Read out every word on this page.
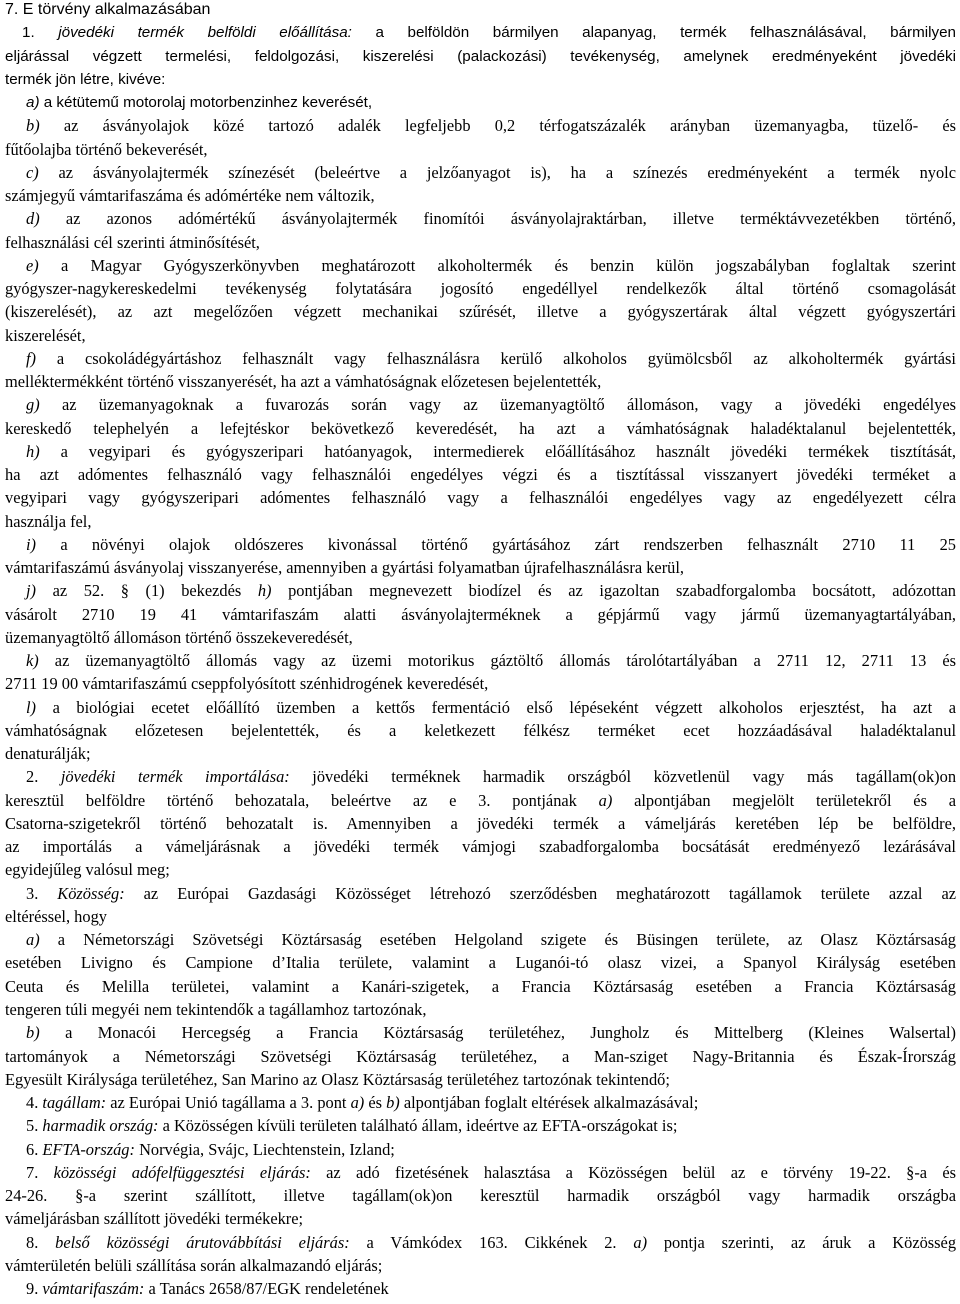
7. E törvény alkalmazásában
1. jövedéki termék belföldi előállítása: a belföldön bármilyen alapanyag, termék felhasználásával, bármilyen
eljárással végzett termelési, feldolgozási, kiszerelési (palackozási) tevékenység, amelynek eredményeként jövedéki
termék jön létre, kivéve:
a) a kétütemű motorolaj motorbenzinhez keverését,
b) az ásványolajok közé tartozó adalék legfeljebb 0,2 térfogatszázalék arányban üzemanyagba, tüzelő- és
fűtőolajba történő bekeverését,
c) az ásványolajtermék színezését (beleértve a jelzőanyagot is), ha a színezés eredményeként a termék nyolc
számjegyű vámtarifaszáma és adómértéke nem változik,
d) az azonos adómértékű ásványolajtermék finomítói ásványolajraktárban, illetve terméktávvezetékben történő,
felhasználási cél szerinti átminősítését,
e) a Magyar Gyógyszerkönyvben meghatározott alkoholtermék és benzin külön jogszabályban foglaltak szerint
gyógyszer-nagykereskedelmi tevékenység folytatására jogosító engedéllyel rendelkezők által történő csomagolását
(kiszerelését), az azt megelőzően végzett mechanikai szűrését, illetve a gyógyszertárak által végzett gyógyszertári
kiszerelését,
f) a csokoládégyártáshoz felhasznált vagy felhasználásra kerülő alkoholos gyümölcsből az alkoholtermék gyártási
melléktermékként történő visszanyerését, ha azt a vámhatóságnak előzetesen bejelentették,
g) az üzemanyagoknak a fuvarozás során vagy az üzemanyagtöltő állomáson, vagy a jövedéki engedélyes
kereskedő telephelyén a lefejtéskor bekövetkező keveredését, ha azt a vámhatóságnak haladéktalanul bejelentették,
h) a vegyipari és gyógyszeripari hatóanyagok, intermedierek előállításához használt jövedéki termékek tisztítását,
ha azt adómentes felhasználó vagy felhasználói engedélyes végzi és a tisztítással visszanyert jövedéki terméket a
vegyipari vagy gyógyszeripari adómentes felhasználó vagy a felhasználói engedélyes vagy az engedélyezett célra
használja fel,
i) a növényi olajok oldószeres kivonással történő gyártásához zárt rendszerben felhasznált 2710 11 25
vámtarifaszámú ásványolaj visszanyerése, amennyiben a gyártási folyamatban újrafelhasználásra kerül,
j) az 52. § (1) bekezdés h) pontjában megnevezett biodízel és az igazoltan szabadforgalomba bocsátott, adózottan
vásárolt 2710 19 41 vámtarifaszám alatti ásványolajterméknek a gépjármű vagy jármű üzemanyagtartályában,
üzemanyagtöltő állomáson történő összekeveredését,
k) az üzemanyagtöltő állomás vagy az üzemi motorikus gáztöltő állomás tárolótartályában a 2711 12, 2711 13 és
2711 19 00 vámtarifaszámú cseppfolyósított szénhidrogének keveredését,
l) a biológiai ecetet előállító üzemben a kettős fermentáció első lépéseként végzett alkoholos erjesztést, ha azt a
vámhatóságnak előzetesen bejelentették, és a keletkezett félkész terméket ecet hozzáadásával haladéktalanul
denaturálják;
2. jövedéki termék importálása: jövedéki terméknek harmadik országból közvetlenül vagy más tagállam(ok)on
keresztül belföldre történő behozatala, beleértve az e 3. pontjának a) alpontjában megjelölt területekről és a
Csatorna-szigetekről történő behozatalt is. Amennyiben a jövedéki termék a vámeljárás keretében lép be belföldre,
az importálás a vámeljárásnak a jövedéki termék vámjogi szabadforgalomba bocsátását eredményező lezárásával
egyidejűleg valósul meg;
3. Közösség: az Európai Gazdasági Közösséget létrehozó szerződésben meghatározott tagállamok területe azzal az
eltéréssel, hogy
a) a Németországi Szövetségi Köztársaság esetében Helgoland szigete és Büsingen területe, az Olasz Köztársaság
esetében Livigno és Campione d’Italia területe, valamint a Luganói-tó olasz vizei, a Spanyol Királyság esetében
Ceuta és Melilla területei, valamint a Kanári-szigetek, a Francia Köztársaság esetében a Francia Köztársaság
tengeren túli megyéi nem tekintendők a tagállamhoz tartozónak,
b) a Monacói Hercegség a Francia Köztársaság területéhez, Jungholz és Mittelberg (Kleines Walsertal)
tartományok a Németországi Szövetségi Köztársaság területéhez, a Man-sziget Nagy-Britannia és Észak-Írország
Egyesült Királysága területéhez, San Marino az Olasz Köztársaság területéhez tartozónak tekintendő;
4. tagállam: az Európai Unió tagállama a 3. pont a) és b) alpontjában foglalt eltérések alkalmazásával;
5. harmadik ország: a Közösségen kívüli területen található állam, ideértve az EFTA-országokat is;
6. EFTA-ország: Norvégia, Svájc, Liechtenstein, Izland;
7. közösségi adófelfüggesztési eljárás: az adó fizetésének halasztása a Közösségen belül az e törvény 19-22. §-a és
24-26. §-a szerint szállított, illetve tagállam(ok)on keresztül harmadik országból vagy harmadik országba
vámeljárásban szállított jövedéki termékekre;
8. belső közösségi árutovábbítási eljárás: a Vámkódex 163. Cikkének 2. a) pontja szerinti, az áruk a Közösség
vámterületén belüli szállítása során alkalmazandó eljárás;
9. vámtarifaszám: a Tanács 2658/87/EGK rendeletének
